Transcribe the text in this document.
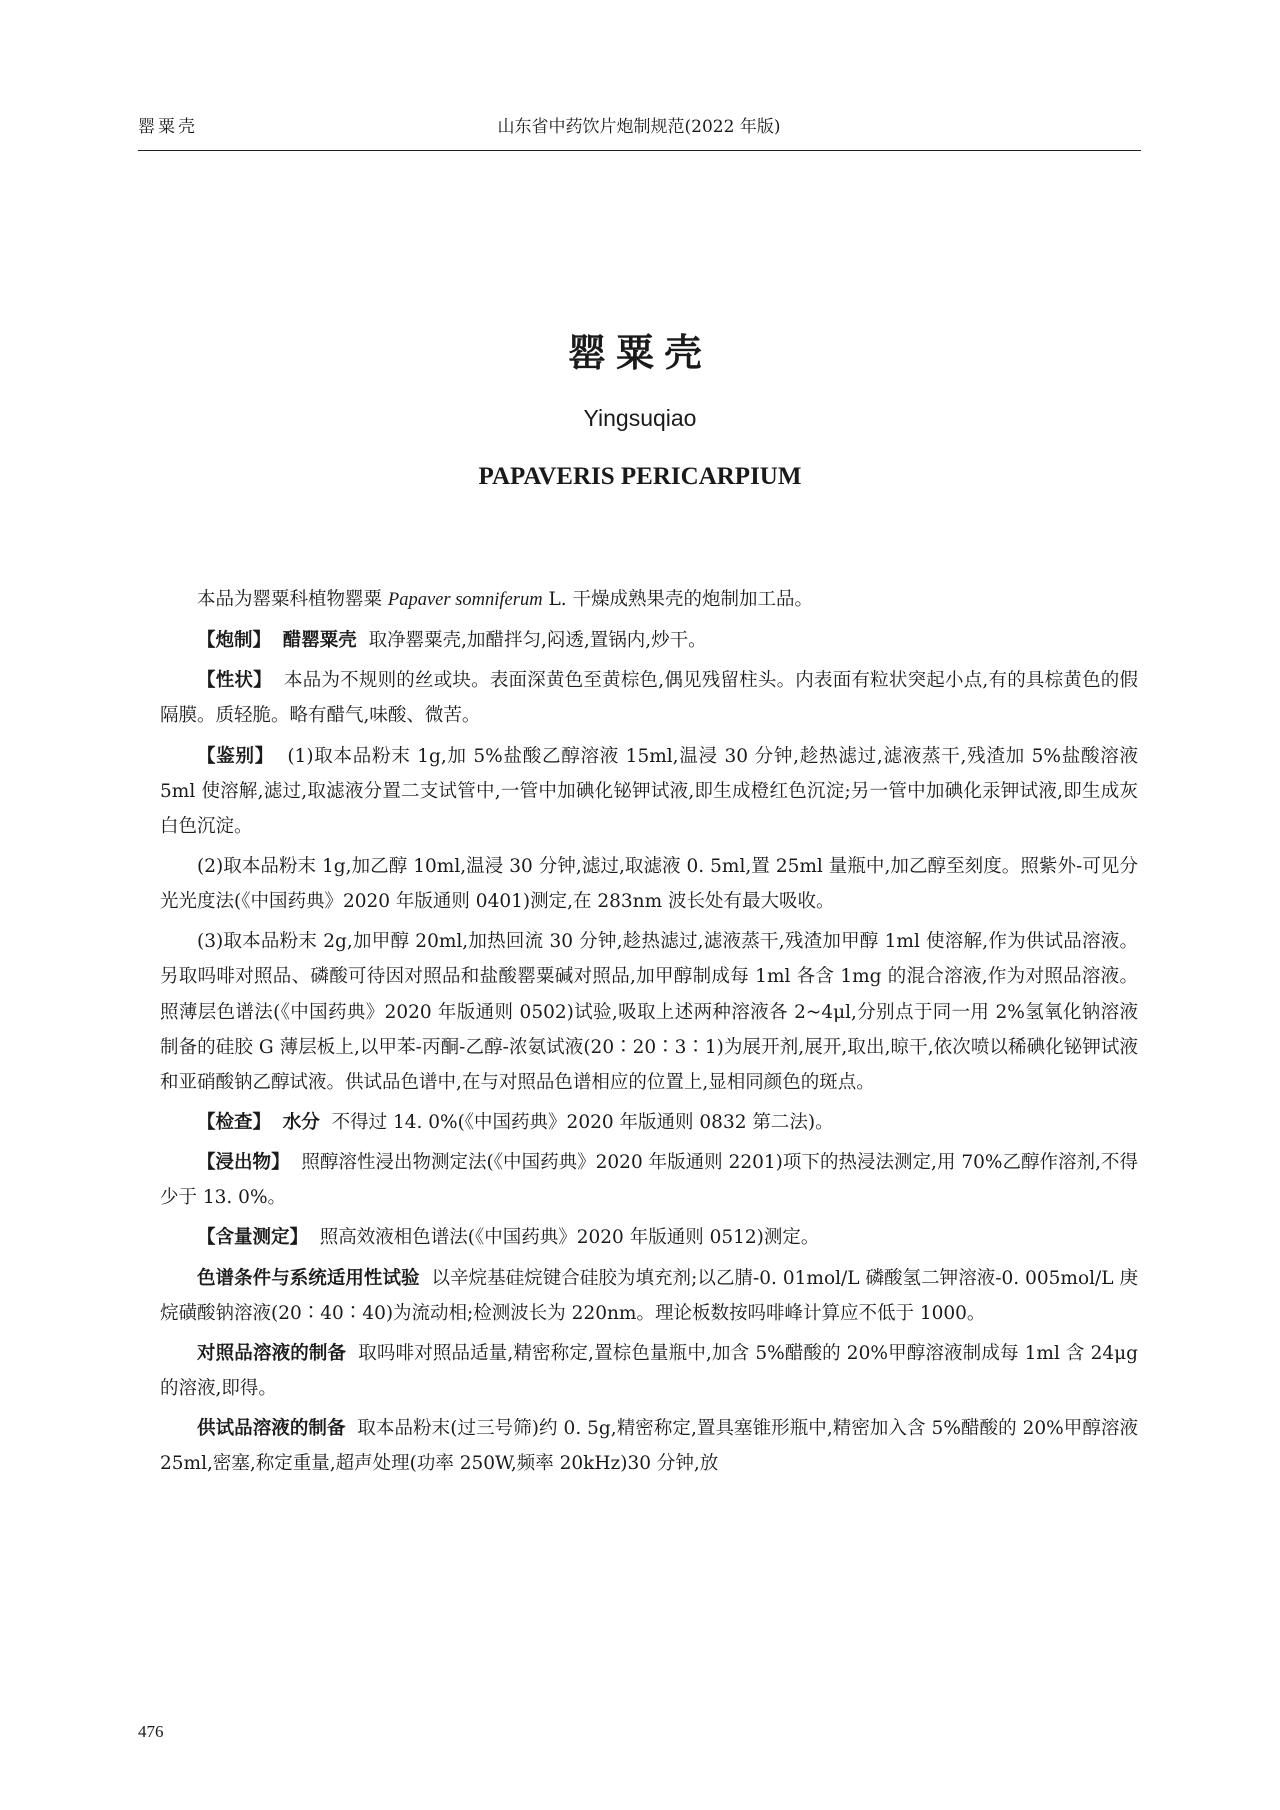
罂粟壳	山东省中药饮片炮制规范(2022 年版)
罂粟壳
Yingsuqiao
PAPAVERIS PERICARPIUM

本品为罂粟科植物罂粟 Papaver somniferum L. 干燥成熟果壳的炮制加工品。

【炮制】 醋罂粟壳 取净罂粟壳,加醋拌匀,闷透,置锅内,炒干。

【性状】 本品为不规则的丝或块。表面深黄色至黄棕色,偶见残留柱头。内表面有粒状突起小点,有的具棕黄色的假隔膜。质轻脆。略有醋气,味酸、微苦。

【鉴别】 (1)取本品粉末 1g,加 5%盐酸乙醇溶液 15ml,温浸 30 分钟,趁热滤过,滤液蒸干,残渣加 5%盐酸溶液 5ml 使溶解,滤过,取滤液分置二支试管中,一管中加碘化铋钾试液,即生成橙红色沉淀;另一管中加碘化汞钾试液,即生成灰白色沉淀。

(2)取本品粉末 1g,加乙醇 10ml,温浸 30 分钟,滤过,取滤液 0. 5ml,置 25ml 量瓶中,加乙醇至刻度。照紫外-可见分光光度法(《中国药典》2020 年版通则 0401)测定,在 283nm 波长处有最大吸收。

(3)取本品粉末 2g,加甲醇 20ml,加热回流 30 分钟,趁热滤过,滤液蒸干,残渣加甲醇 1ml 使溶解,作为供试品溶液。另取吗啡对照品、磷酸可待因对照品和盐酸罂粟碱对照品,加甲醇制成每 1ml 各含 1mg 的混合溶液,作为对照品溶液。照薄层色谱法(《中国药典》2020 年版通则 0502)试验,吸取上述两种溶液各 2~4μl,分别点于同一用 2%氢氧化钠溶液制备的硅胶 G 薄层板上,以甲苯-丙酮-乙醇-浓氨试液(20∶20∶3∶1)为展开剂,展开,取出,晾干,依次喷以稀碘化铋钾试液和亚硝酸钠乙醇试液。供试品色谱中,在与对照品色谱相应的位置上,显相同颜色的斑点。

【检查】 水分 不得过 14. 0%(《中国药典》2020 年版通则 0832 第二法)。

【浸出物】 照醇溶性浸出物测定法(《中国药典》2020 年版通则 2201)项下的热浸法测定,用 70%乙醇作溶剂,不得少于 13. 0%。

【含量测定】 照高效液相色谱法(《中国药典》2020 年版通则 0512)测定。

色谱条件与系统适用性试验 以辛烷基硅烷键合硅胶为填充剂;以乙腈-0. 01mol/L 磷酸氢二钾溶液-0. 005mol/L 庚烷磺酸钠溶液(20∶40∶40)为流动相;检测波长为 220nm。理论板数按吗啡峰计算应不低于 1000。

对照品溶液的制备 取吗啡对照品适量,精密称定,置棕色量瓶中,加含 5%醋酸的 20%甲醇溶液制成每 1ml 含 24μg 的溶液,即得。

供试品溶液的制备 取本品粉末(过三号筛)约 0. 5g,精密称定,置具塞锥形瓶中,精密加入含 5%醋酸的 20%甲醇溶液 25ml,密塞,称定重量,超声处理(功率 250W,频率 20kHz)30 分钟,放

476
